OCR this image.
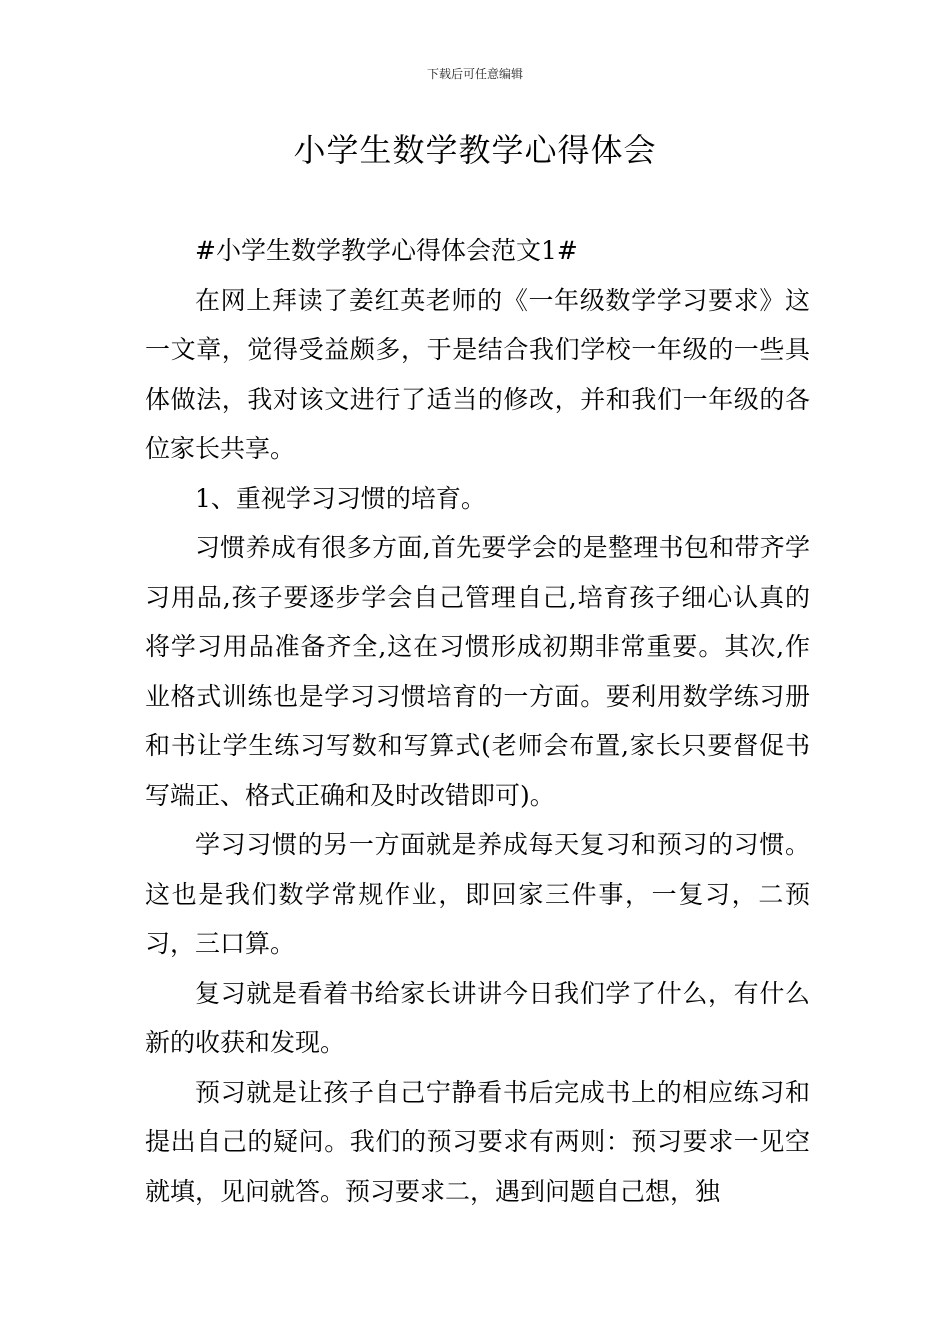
下载后可任意编辑
小学生数学教学心得体会

#小学生数学教学心得体会范文1#

在网上拜读了姜红英老师的《一年级数学学习要求》这一文章，觉得受益颇多，于是结合我们学校一年级的一些具体做法，我对该文进行了适当的修改，并和我们一年级的各位家长共享。

1、重视学习习惯的培育。

习惯养成有很多方面,首先要学会的是整理书包和带齐学习用品,孩子要逐步学会自己管理自己,培育孩子细心认真的将学习用品准备齐全,这在习惯形成初期非常重要。其次,作业格式训练也是学习习惯培育的一方面。要利用数学练习册和书让学生练习写数和写算式(老师会布置,家长只要督促书写端正、格式正确和及时改错即可)。

学习习惯的另一方面就是养成每天复习和预习的习惯。这也是我们数学常规作业，即回家三件事，一复习，二预习，三口算。

复习就是看着书给家长讲讲今日我们学了什么，有什么新的收获和发现。

预习就是让孩子自己宁静看书后完成书上的相应练习和提出自己的疑问。我们的预习要求有两则：预习要求一见空就填，见问就答。预习要求二，遇到问题自己想，独
